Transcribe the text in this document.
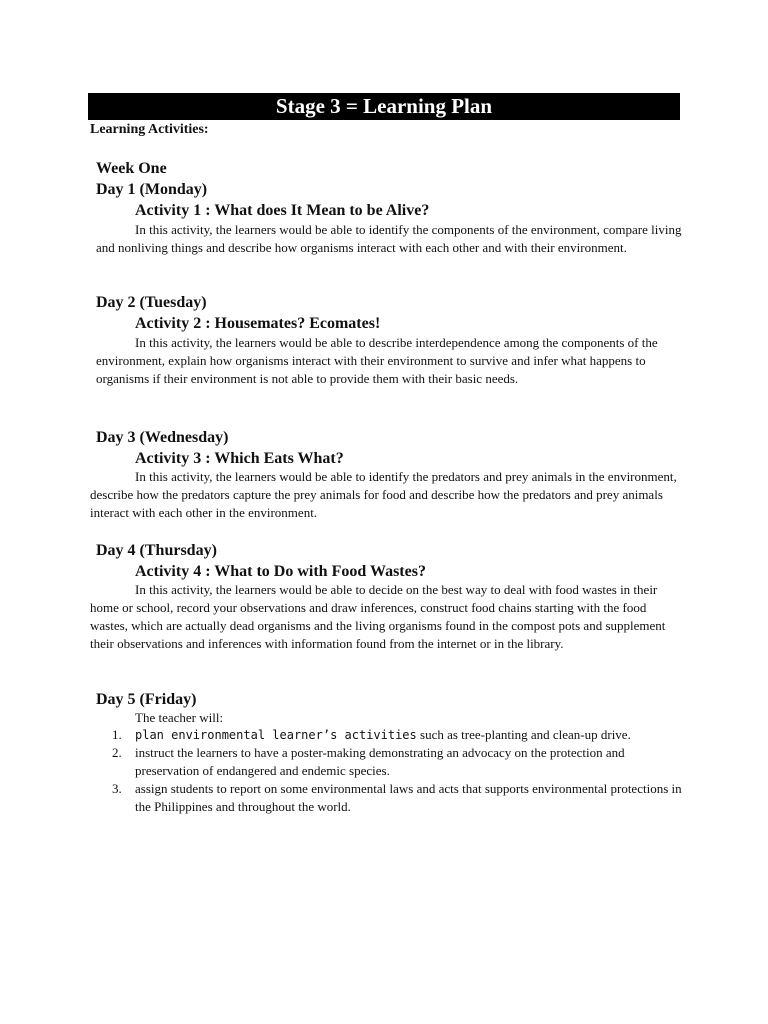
Stage 3 = Learning Plan
Learning Activities:
Week One
Day 1 (Monday)
Activity 1 : What does It Mean to be Alive?

In this activity, the learners would be able to identify the components of the environment, compare living and nonliving things and describe how organisms interact with each other and with their environment.

Day 2 (Tuesday)
Activity 2 : Housemates? Ecomates!

In this activity, the learners would be able to describe interdependence among the components of the environment, explain how organisms interact with their environment to survive and infer what happens to organisms if their environment is not able to provide them with their basic needs.

Day 3 (Wednesday)
Activity 3 : Which Eats What?

In this activity, the learners would be able to identify the predators and prey animals in the environment, describe how the predators capture the prey animals for food and describe how the predators and prey animals interact with each other in the environment.

Day 4 (Thursday)
Activity 4 : What to Do with Food Wastes?

In this activity, the learners would be able to decide on the best way to deal with food wastes in their home or school, record your observations and draw inferences, construct food chains starting with the food wastes, which are actually dead organisms and the living organisms found in the compost pots and supplement their observations and inferences with information found from the internet or in the library.

Day 5 (Friday)
The teacher will:
1. plan environmental learner’s activities such as tree-planting and clean-up drive.
2. instruct the learners to have a poster-making demonstrating an advocacy on the protection and preservation of endangered and endemic species.
3. assign students to report on some environmental laws and acts that supports environmental protections in the Philippines and throughout the world.
